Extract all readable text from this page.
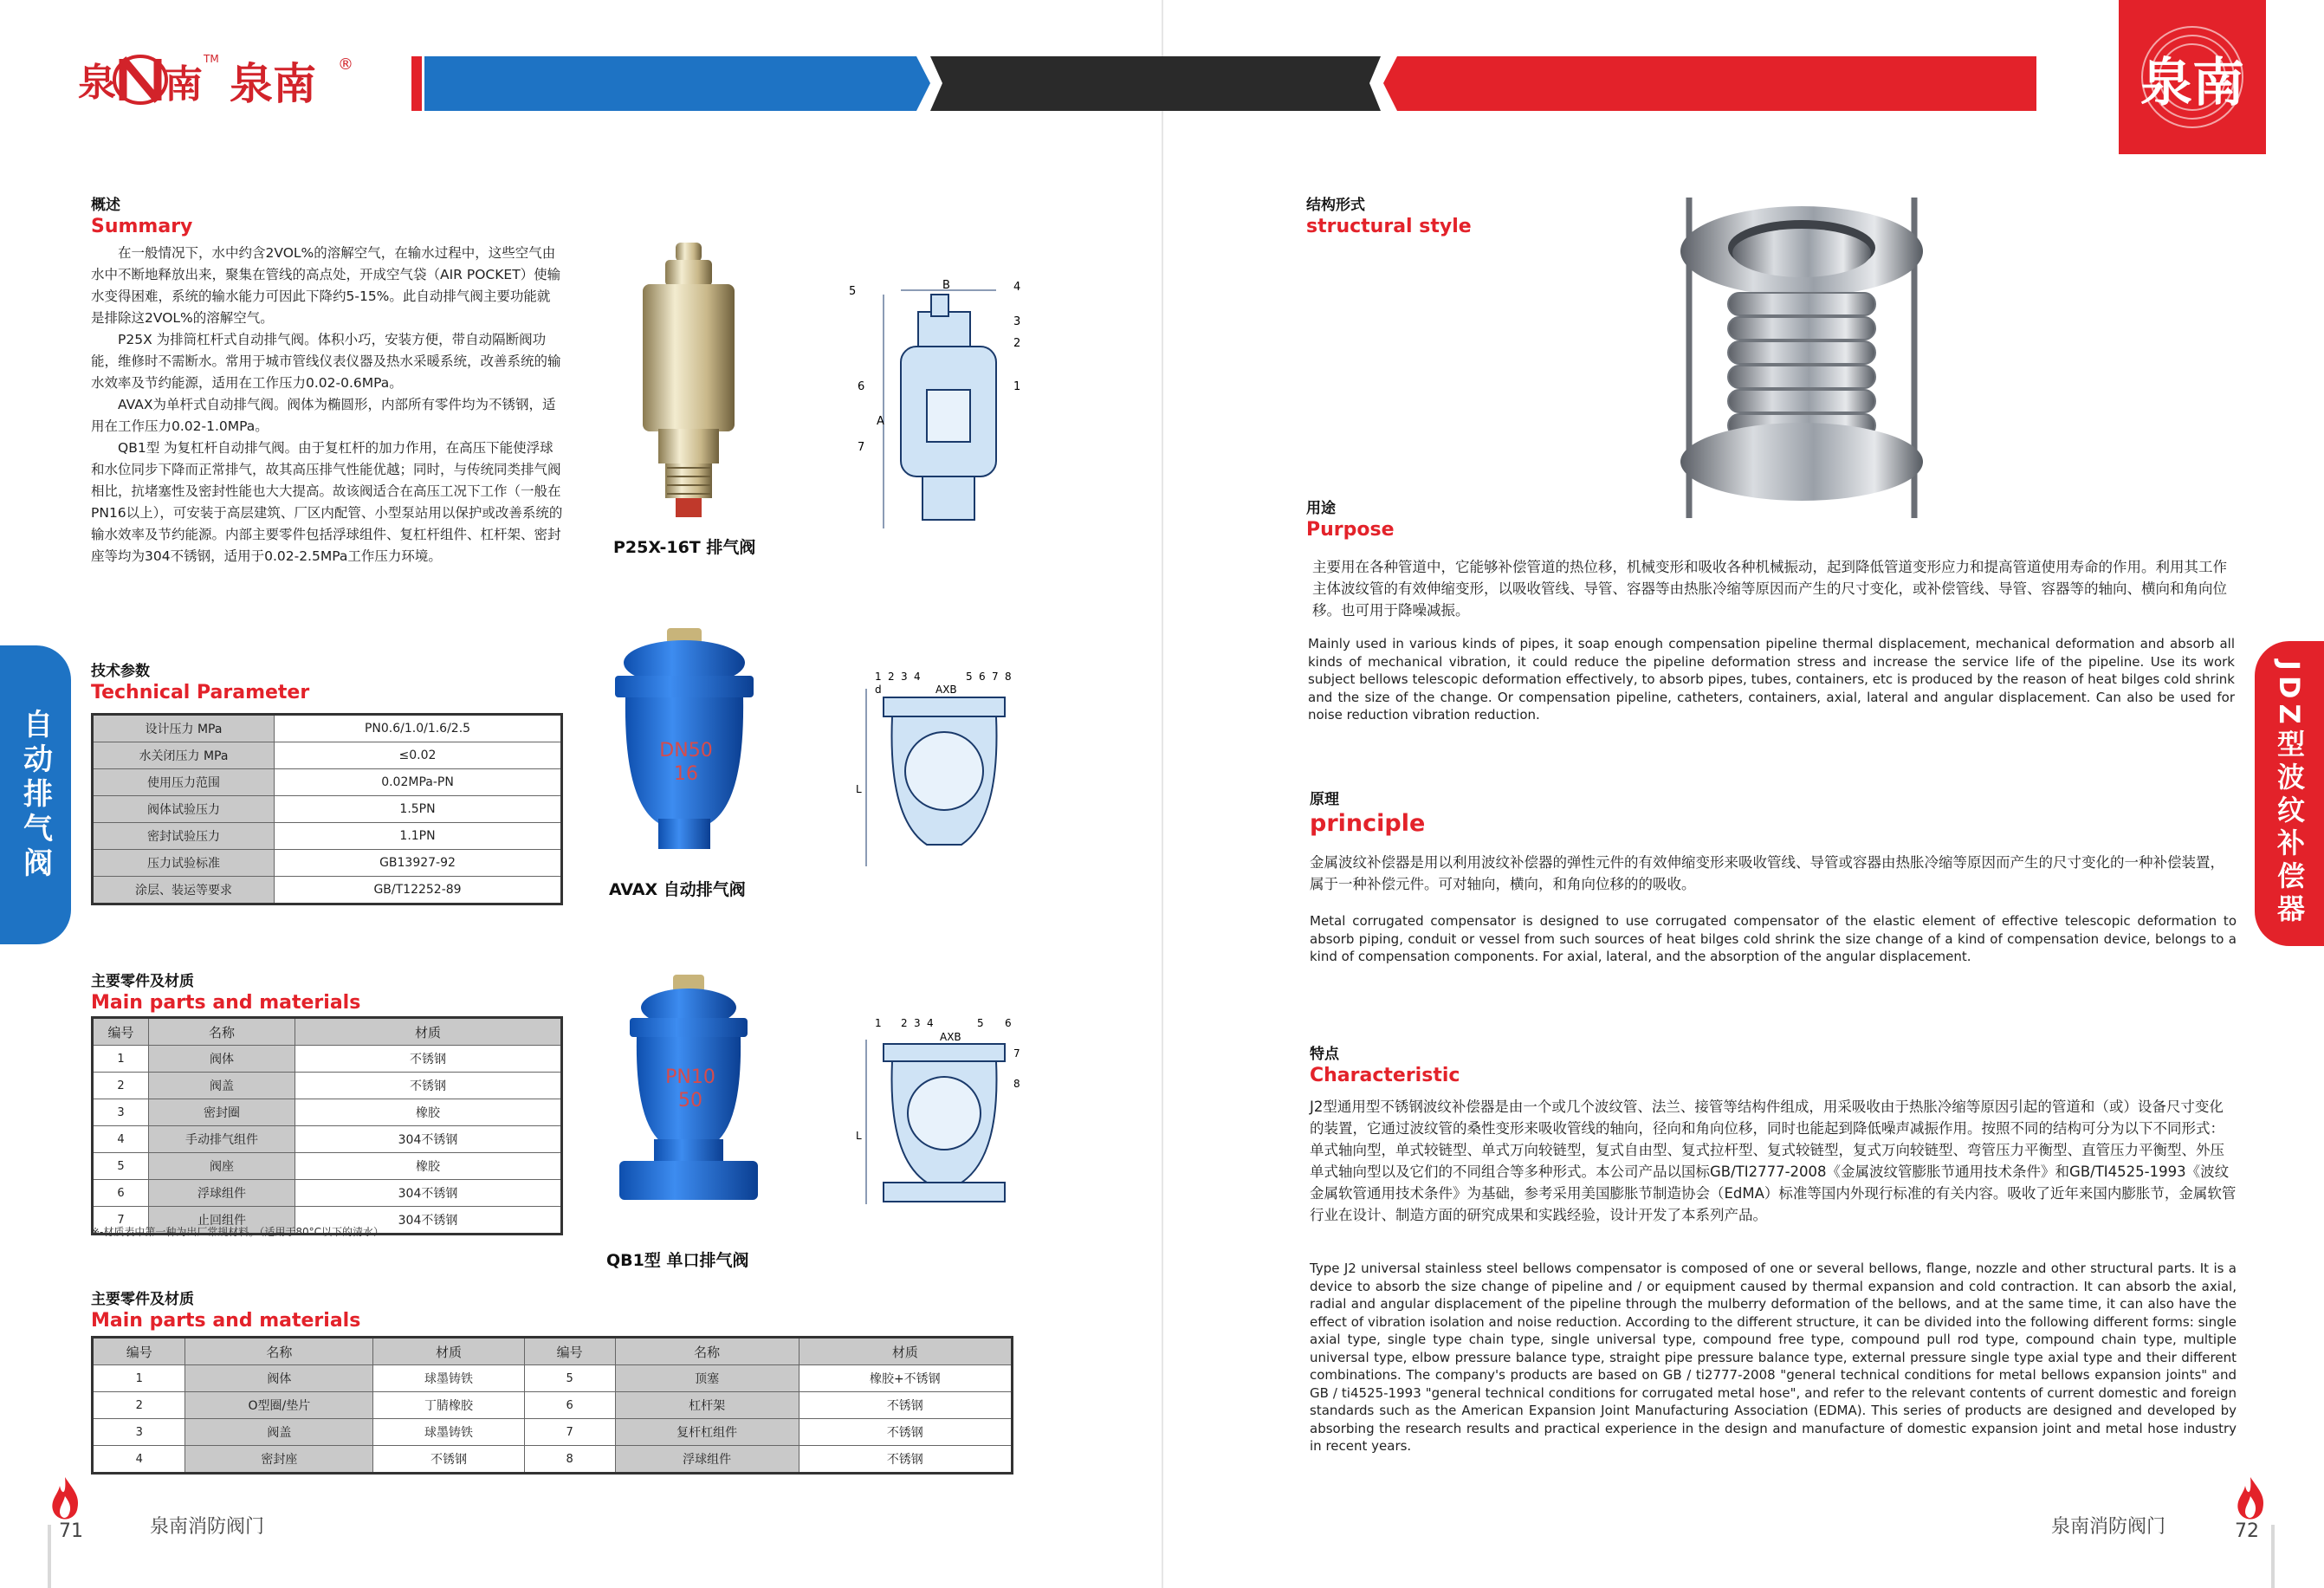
泉 南
TM 泉南 ®
概述
Summary

在一般情况下，水中约含2VOL%的溶解空气，在输水过程中，这些空气由水中不断地释放出来，聚集在管线的高点处，开成空气袋（AIR POCKET）使输水变得困难，系统的输水能力可因此下降约5-15%。此自动排气阀主要功能就是排除这2VOL%的溶解空气。

P25X 为排筒杠杆式自动排气阀。体积小巧，安装方便，带自动隔断阀功能，维修时不需断水。常用于城市管线仪表仪器及热水采暖系统，改善系统的输水效率及节约能源，适用在工作压力0.02-0.6MPa。

AVAX为单杆式自动排气阀。阀体为椭圆形，内部所有零件均为不锈钢，适用在工作压力0.02-1.0MPa。

QB1型 为复杠杆自动排气阀。由于复杠杆的加力作用，在高压下能使浮球和水位同步下降而正常排气，故其高压排气性能优越；同时，与传统同类排气阀相比，抗堵塞性及密封性能也大大提高。故该阀适合在高压工况下工作（一般在PN16以上），可安装于高层建筑、厂区内配管、小型泵站用以保护或改善系统的输水效率及节约能源。内部主要零件包括浮球组件、复杠杆组件、杠杆架、密封座等均为304不锈钢，适用于0.02-2.5MPa工作压力环境。

技术参数
Technical Parameter
设计压力 MPa	PN0.6/1.0/1.6/2.5
水关闭压力 MPa	≤0.02
使用压力范围	0.02MPa-PN
阀体试验压力	1.5PN
密封试验压力	1.1PN
压力试验标准	GB13927-92
涂层、装运等要求	GB/T12252-89
主要零件及材质
Main parts and materials
编号	名称	材质
1	阀体	不锈钢
2	阀盖	不锈钢
3	密封圈	橡胶
4	手动排气组件	304不锈钢
5	阀座	橡胶
6	浮球组件	304不锈钢
7	止回组件	304不锈钢
※-材质表中第一种为出厂常规材料。（适用于80°C以下的清水）
主要零件及材质
Main parts and materials
编号	名称	材质	编号	名称	材质
1	阀体	球墨铸铁	5	顶塞	橡胶+不锈钢
2	O型圈/垫片	丁腈橡胶	6	杠杆架	不锈钢
3	阀盖	球墨铸铁	7	复杆杠组件	不锈钢
4	密封座	不锈钢	8	浮球组件	不锈钢
P25X-16T 排气阀
5	B	4
3
2
6	1
7
A
DN50
16
AVAX 自动排气阀
1 2 3 4	5 6 7 8
d	AXB
L
PN10
50
QB1型 单口排气阀
1 2 3 4
AXB
5 6
7
8
L
自动排气阀
71	泉南消防阀门
泉南
结构形式
structural style
用途
Purpose

主要用在各种管道中，它能够补偿管道的热位移，机械变形和吸收各种机械振动，起到降低管道变形应力和提高管道使用寿命的作用。利用其工作主体波纹管的有效伸缩变形，以吸收管线、导管、容器等由热胀冷缩等原因而产生的尺寸变化，或补偿管线、导管、容器等的轴向、横向和角向位移。也可用于降噪减振。

Mainly used in various kinds of pipes, it soap enough compensation pipeline thermal displacement, mechanical deformation and absorb all kinds of mechanical vibration, it could reduce the pipeline deformation stress and increase the service life of the pipeline. Use its work subject bellows telescopic deformation effectively, to absorb pipes, tubes, containers, etc is produced by the reason of heat bilges cold shrink and the size of the change. Or compensation pipeline, catheters, containers, axial, lateral and angular displacement. Can also be used for noise reduction vibration reduction.

原理
principle

金属波纹补偿器是用以利用波纹补偿器的弹性元件的有效伸缩变形来吸收管线、导管或容器由热胀冷缩等原因而产生的尺寸变化的一种补偿装置，属于一种补偿元件。可对轴向，横向，和角向位移的的吸收。

Metal corrugated compensator is designed to use corrugated compensator of the elastic element of effective telescopic deformation to absorb piping, conduit or vessel from such sources of heat bilges cold shrink the size change of a kind of compensation device, belongs to a kind of compensation components. For axial, lateral, and the absorption of the angular displacement.

特点
Characteristic

J2型通用型不锈钢波纹补偿器是由一个或几个波纹管、法兰、接管等结构件组成，用采吸收由于热胀冷缩等原因引起的管道和（或）设备尺寸变化的装置，它通过波纹管的桑性变形来吸收管线的轴向，径向和角向位移，同时也能起到降低噪声减振作用。按照不同的结构可分为以下不同形式：单式轴向型，单式较链型、单式万向较链型，复式自由型、复式拉杆型、复式较链型，复式万向较链型、弯管压力平衡型、直管压力平衡型、外压单式轴向型以及它们的不同组合等多种形式。本公司产品以国标GB/TI2777-2008《金属波纹管膨胀节通用技术条件》和GB/TI4525-1993《波纹金属软管通用技术条件》为基础，参考采用美国膨胀节制造协会（EdMA）标准等国内外现行标准的有关内容。吸收了近年来国内膨胀节，金属软管行业在设计、制造方面的研究成果和实践经验，设计开发了本系列产品。

Type J2 universal stainless steel bellows compensator is composed of one or several bellows, flange, nozzle and other structural parts. It is a device to absorb the size change of pipeline and / or equipment caused by thermal expansion and cold contraction. It can absorb the axial, radial and angular displacement of the pipeline through the mulberry deformation of the bellows, and at the same time, it can also have the effect of vibration isolation and noise reduction. According to the different structure, it can be divided into the following different forms: single axial type, single type chain type, single universal type, compound free type, compound pull rod type, compound chain type, multiple universal type, elbow pressure balance type, straight pipe pressure balance type, external pressure single type axial type and their different combinations. The company's products are based on GB / ti2777-2008 "general technical conditions for metal bellows expansion joints" and GB / ti4525-1993 "general technical conditions for corrugated metal hose", and refer to the relevant contents of current domestic and foreign standards such as the American Expansion Joint Manufacturing Association (EDMA). This series of products are designed and developed by absorbing the research results and practical experience in the design and manufacture of domestic expansion joint and metal hose industry in recent years.

JDZ型波纹补偿器
泉南消防阀门	72
